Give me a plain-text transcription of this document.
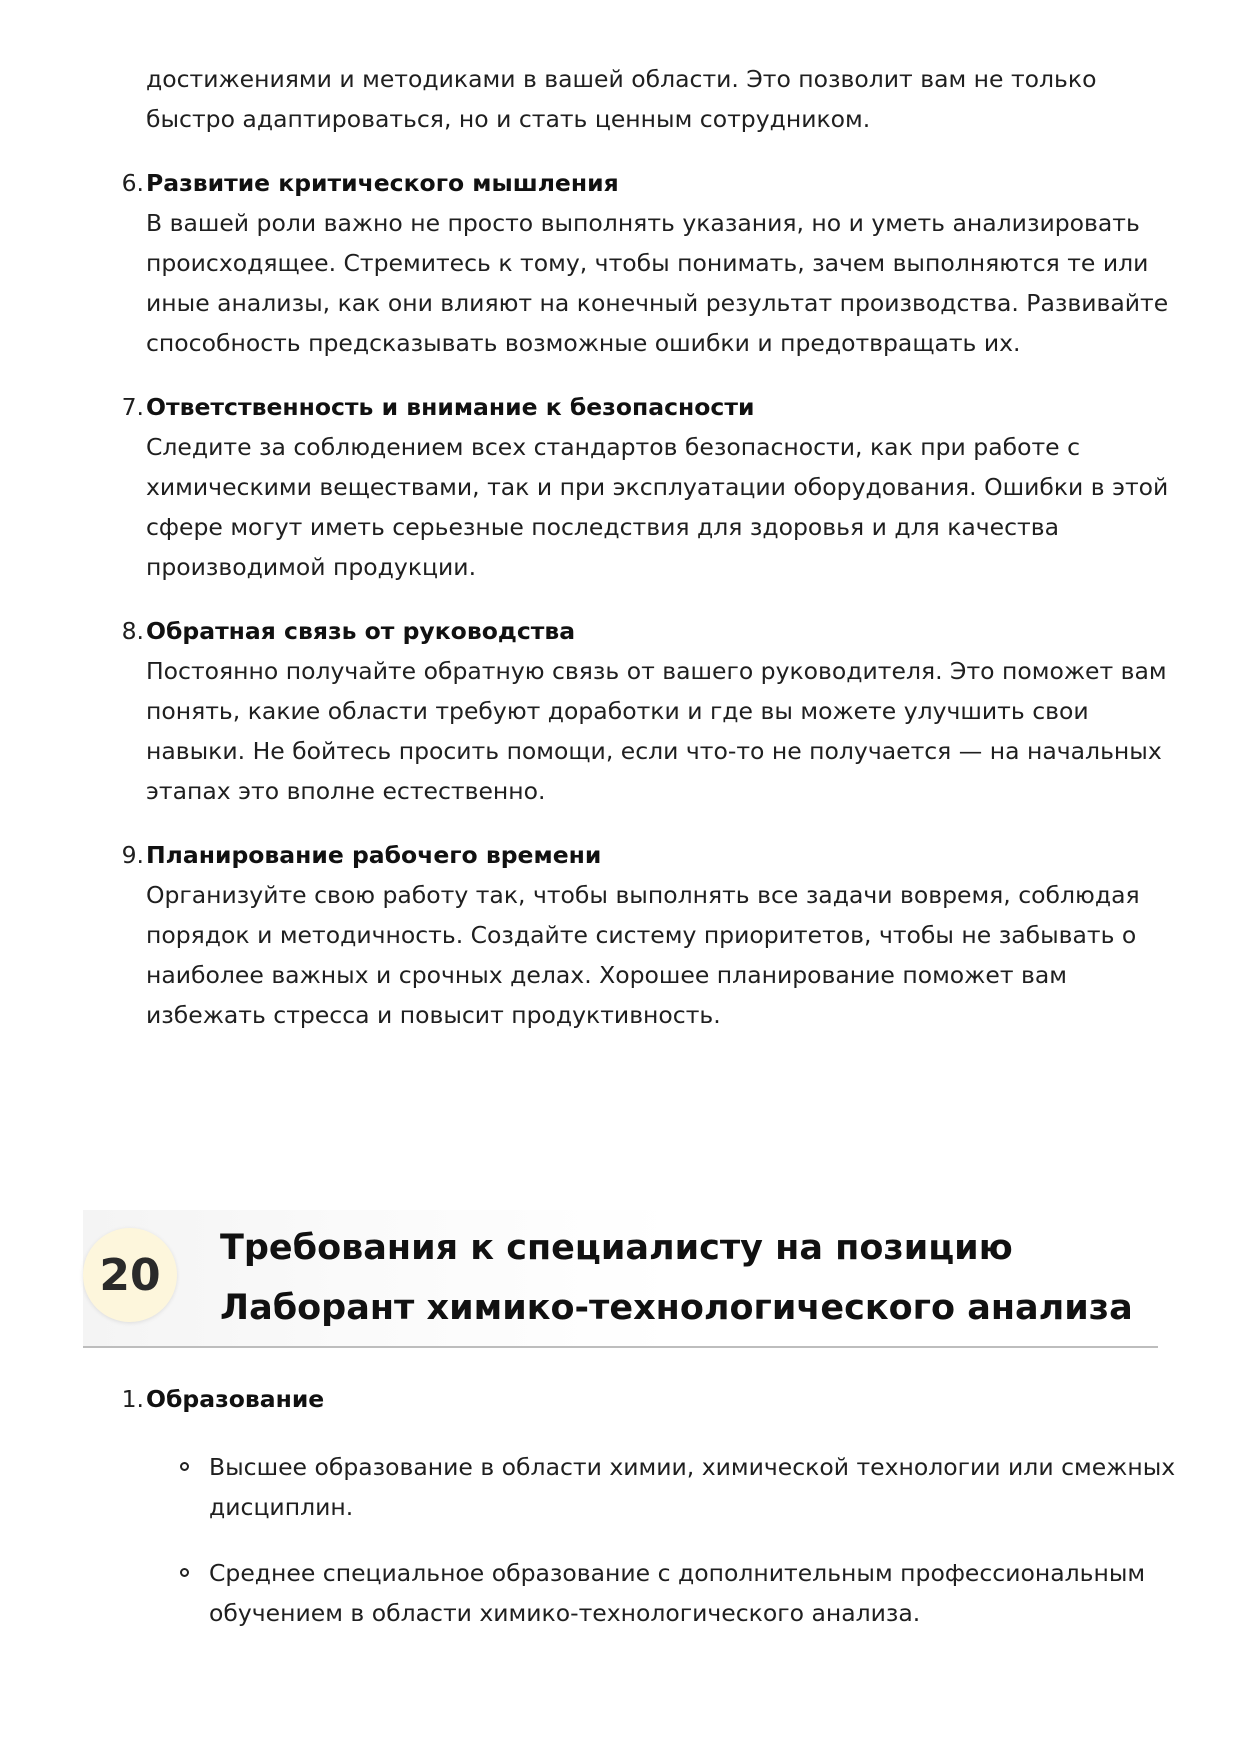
достижениями и методиками в вашей области. Это позволит вам не только быстро адаптироваться, но и стать ценным сотрудником.

6. Развитие критического мышления

В вашей роли важно не просто выполнять указания, но и уметь анализировать происходящее. Стремитесь к тому, чтобы понимать, зачем выполняются те или иные анализы, как они влияют на конечный результат производства. Развивайте способность предсказывать возможные ошибки и предотвращать их.

7. Ответственность и внимание к безопасности

Следите за соблюдением всех стандартов безопасности, как при работе с химическими веществами, так и при эксплуатации оборудования. Ошибки в этой сфере могут иметь серьезные последствия для здоровья и для качества производимой продукции.

8. Обратная связь от руководства

Постоянно получайте обратную связь от вашего руководителя. Это поможет вам понять, какие области требуют доработки и где вы можете улучшить свои навыки. Не бойтесь просить помощи, если что-то не получается — на начальных этапах это вполне естественно.

9. Планирование рабочего времени

Организуйте свою работу так, чтобы выполнять все задачи вовремя, соблюдая порядок и методичность. Создайте систему приоритетов, чтобы не забывать о наиболее важных и срочных делах. Хорошее планирование поможет вам избежать стресса и повысит продуктивность.

20
Требования к специалисту на позицию Лаборант химико-технологического анализа
1. Образование

Высшее образование в области химии, химической технологии или смежных дисциплин.
Среднее специальное образование с дополнительным профессиональным обучением в области химико-технологического анализа.
